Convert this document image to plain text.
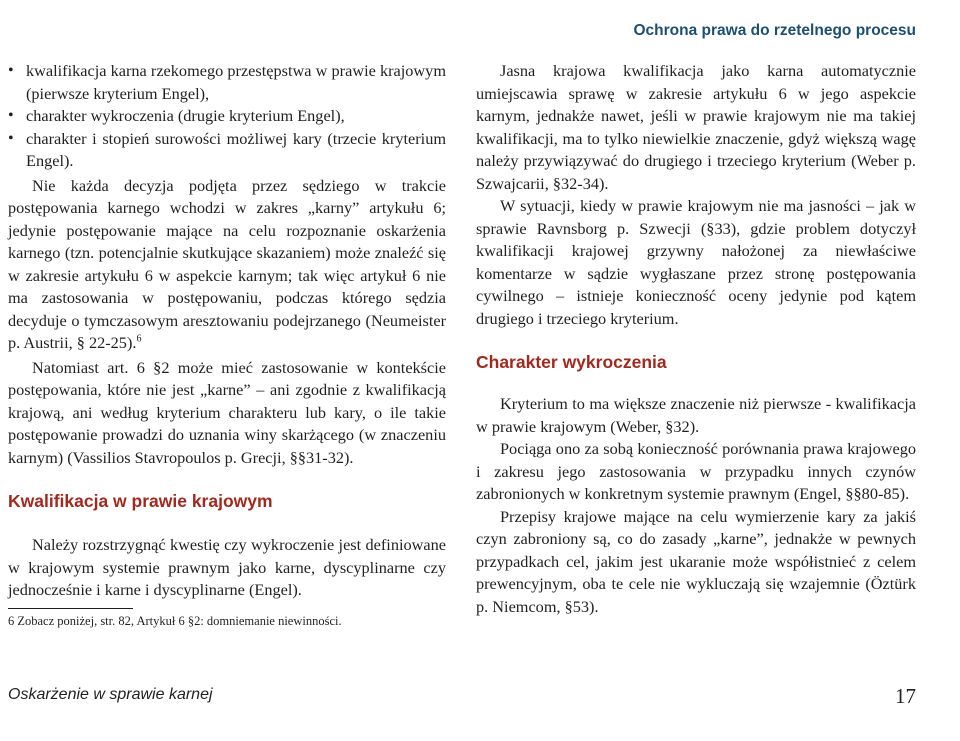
Ochrona prawa do rzetelnego procesu
• kwalifikacja karna rzekomego przestępstwa w prawie krajowym (pierwsze kryterium Engel),
• charakter wykroczenia (drugie kryterium Engel),
• charakter i stopień surowości możliwej kary (trzecie kryterium Engel).

Nie każda decyzja podjęta przez sędziego w trakcie postępowania karnego wchodzi w zakres „karny” artykułu 6; jedynie postępowanie mające na celu rozpoznanie oskarżenia karnego (tzn. potencjalnie skutkujące skazaniem) może znaleźć się w zakresie artykułu 6 w aspekcie karnym; tak więc artykuł 6 nie ma zastosowania w postępowaniu, podczas którego sędzia decyduje o tymczasowym aresztowaniu podejrzanego (Neumeister p. Austrii, § 22-25).$^6$

Natomiast art. 6 §2 może mieć zastosowanie w kontekście postępowania, które nie jest „karne” – ani zgodnie z kwalifikacją krajową, ani według kryterium charakteru lub kary, o ile takie postępowanie prowadzi do uznania winy skarżącego (w znaczeniu karnym) (Vassilios Stavropoulos p. Grecji, §§31-32).

Kwalifikacja w prawie krajowym

Należy rozstrzygnąć kwestię czy wykroczenie jest definiowane w krajowym systemie prawnym jako karne, dyscyplinarne czy jednocześnie i karne i dyscyplinarne (Engel).

6 Zobacz poniżej, str. 82, Artykuł 6 §2: domniemanie niewinności.

Jasna krajowa kwalifikacja jako karna automatycznie umiejscawia sprawę w zakresie artykułu 6 w jego aspekcie karnym, jednakże nawet, jeśli w prawie krajowym nie ma takiej kwalifikacji, ma to tylko niewielkie znaczenie, gdyż większą wagę należy przywiązywać do drugiego i trzeciego kryterium (Weber p. Szwajcarii, §32-34).

W sytuacji, kiedy w prawie krajowym nie ma jasności – jak w sprawie Ravnsborg p. Szwecji (§33), gdzie problem dotyczył kwalifikacji krajowej grzywny nałożonej za niewłaściwe komentarze w sądzie wygłaszane przez stronę postępowania cywilnego – istnieje konieczność oceny jedynie pod kątem drugiego i trzeciego kryterium.

Charakter wykroczenia

Kryterium to ma większe znaczenie niż pierwsze - kwalifikacja w prawie krajowym (Weber, §32).

Pociąga ono za sobą konieczność porównania prawa krajowego i zakresu jego zastosowania w przypadku innych czynów zabronionych w konkretnym systemie prawnym (Engel, §§80-85).

Przepisy krajowe mające na celu wymierzenie kary za jakiś czyn zabroniony są, co do zasady „karne”, jednakże w pewnych przypadkach cel, jakim jest ukaranie może współistnieć z celem prewencyjnym, oba te cele nie wykluczają się wzajemnie (Öztürk p. Niemcom, §53).

Oskarżenie w sprawie karnej	17
